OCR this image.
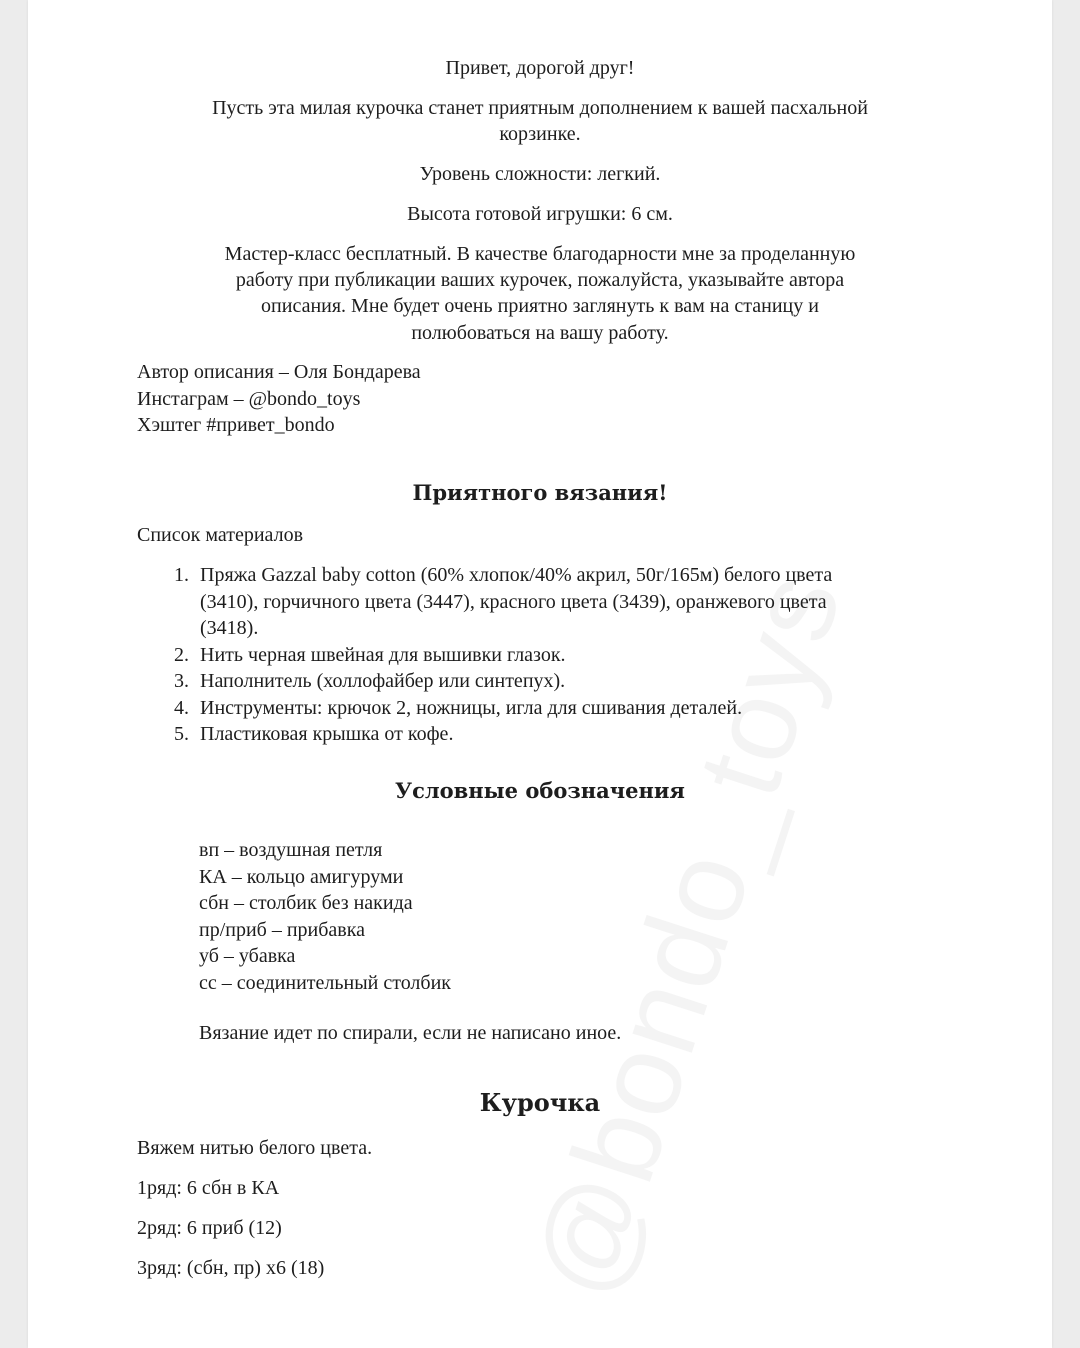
Привет, дорогой друг!

Пусть эта милая курочка станет приятным дополнением к вашей пасхальной

корзинке.

Уровень сложности: легкий.

Высота готовой игрушки: 6 см.

Мастер-класс бесплатный. В качестве благодарности мне за проделанную

работу при публикации ваших курочек, пожалуйста, указывайте автора

описания. Мне будет очень приятно заглянуть к вам на станицу и

полюбоваться на вашу работу.

Автор описания – Оля Бондарева

Инстаграм – @bondo_toys

Хэштег #привет_bondo

Приятного вязания!

Список материалов

1. Пряжа Gazzal baby cotton (60% хлопок/40% акрил, 50г/165м) белого цвета
(3410), горчичного цвета (3447), красного цвета (3439), оранжевого цвета
(3418).
2. Нить черная швейная для вышивки глазок.
3. Наполнитель (холлофайбер или синтепух).
4. Инструменты: крючок 2, ножницы, игла для сшивания деталей.
5. Пластиковая крышка от кофе.

Условные обозначения

вп – воздушная петля

КА – кольцо амигуруми

сбн – столбик без накида

пр/приб – прибавка

уб – убавка

сс – соединительный столбик

Вязание идет по спирали, если не написано иное.

Курочка

Вяжем нитью белого цвета.

1ряд: 6 сбн в КА

2ряд: 6 приб (12)

3ряд: (сбн, пр) х6 (18)
